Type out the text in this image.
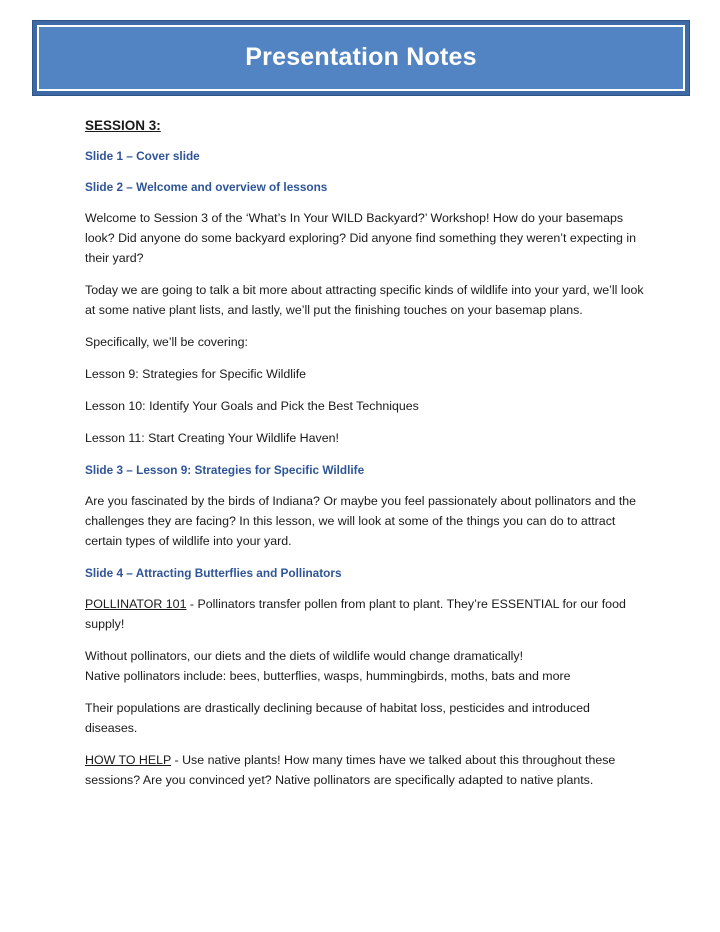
Presentation Notes
SESSION 3:
Slide 1 – Cover slide
Slide 2 – Welcome and overview of lessons

Welcome to Session 3 of the ‘What’s In Your WILD Backyard?’ Workshop! How do your basemaps look? Did anyone do some backyard exploring? Did anyone find something they weren’t expecting in their yard?

Today we are going to talk a bit more about attracting specific kinds of wildlife into your yard, we’ll look at some native plant lists, and lastly, we’ll put the finishing touches on your basemap plans.

Specifically, we’ll be covering:

Lesson 9: Strategies for Specific Wildlife

Lesson 10: Identify Your Goals and Pick the Best Techniques

Lesson 11: Start Creating Your Wildlife Haven!

Slide 3 – Lesson 9: Strategies for Specific Wildlife

Are you fascinated by the birds of Indiana? Or maybe you feel passionately about pollinators and the challenges they are facing? In this lesson, we will look at some of the things you can do to attract certain types of wildlife into your yard.

Slide 4 – Attracting Butterflies and Pollinators

POLLINATOR 101 - Pollinators transfer pollen from plant to plant. They’re ESSENTIAL for our food supply!

Without pollinators, our diets and the diets of wildlife would change dramatically!

Native pollinators include: bees, butterflies, wasps, hummingbirds, moths, bats and more

Their populations are drastically declining because of habitat loss, pesticides and introduced diseases.

HOW TO HELP - Use native plants! How many times have we talked about this throughout these sessions? Are you convinced yet? Native pollinators are specifically adapted to native plants.
